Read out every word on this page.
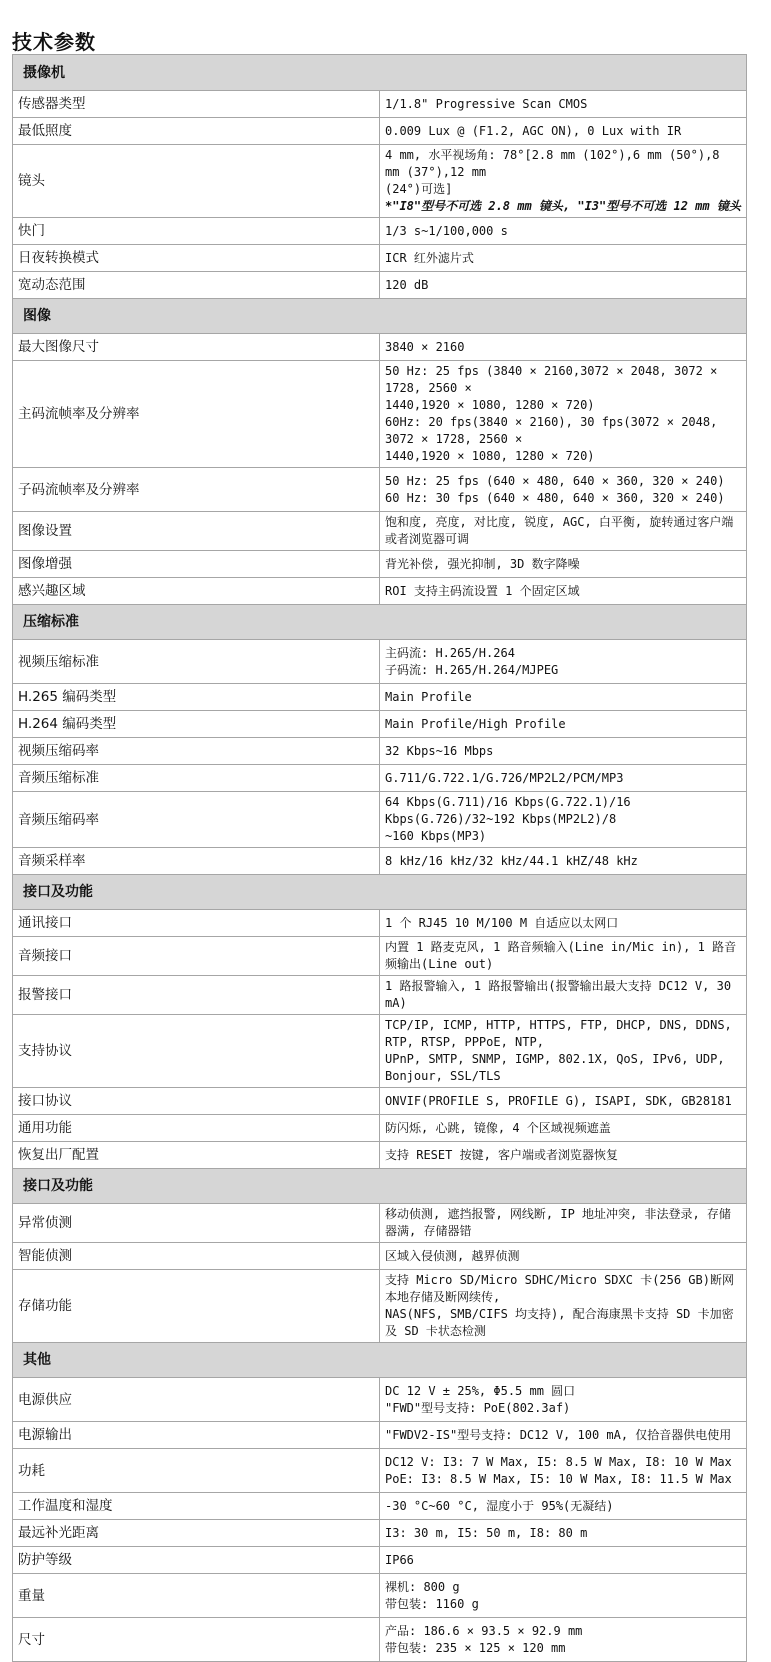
技术参数
摄像机	
传感器类型	1/1.8" Progressive Scan CMOS
最低照度	0.009 Lux @ (F1.2, AGC ON), 0 Lux with IR
镜头	4 mm, 水平视场角: 78°[2.8 mm (102°),6 mm (50°),8 mm (37°),12 mm
(24°)可选]
*"I8"型号不可选 2.8 mm 镜头, "I3"型号不可选 12 mm 镜头
快门	1/3 s~1/100,000 s
日夜转换模式	ICR 红外滤片式
宽动态范围	120 dB
图像	
最大图像尺寸	3840 × 2160
主码流帧率及分辨率	50 Hz: 25 fps (3840 × 2160,3072 × 2048, 3072 × 1728, 2560 ×
1440,1920 × 1080, 1280 × 720)
60Hz: 20 fps(3840 × 2160), 30 fps(3072 × 2048, 3072 × 1728, 2560 ×
1440,1920 × 1080, 1280 × 720)
子码流帧率及分辨率	50 Hz: 25 fps (640 × 480, 640 × 360, 320 × 240)
60 Hz: 30 fps (640 × 480, 640 × 360, 320 × 240)
图像设置	饱和度, 亮度, 对比度, 锐度, AGC, 白平衡, 旋转通过客户端或者浏览器可调
图像增强	背光补偿, 强光抑制, 3D 数字降噪
感兴趣区域	ROI 支持主码流设置 1 个固定区域
压缩标准	
视频压缩标准	主码流: H.265/H.264
子码流: H.265/H.264/MJPEG
H.265 编码类型	Main Profile
H.264 编码类型	Main Profile/High Profile
视频压缩码率	32 Kbps~16 Mbps
音频压缩标准	G.711/G.722.1/G.726/MP2L2/PCM/MP3
音频压缩码率	64 Kbps(G.711)/16 Kbps(G.722.1)/16 Kbps(G.726)/32~192 Kbps(MP2L2)/8
~160 Kbps(MP3)
音频采样率	8 kHz/16 kHz/32 kHz/44.1 kHZ/48 kHz
接口及功能	
通讯接口	1 个 RJ45 10 M/100 M 自适应以太网口
音频接口	内置 1 路麦克风, 1 路音频输入(Line in/Mic in), 1 路音频输出(Line out)
报警接口	1 路报警输入, 1 路报警输出(报警输出最大支持 DC12 V, 30 mA)
支持协议	TCP/IP, ICMP, HTTP, HTTPS, FTP, DHCP, DNS, DDNS, RTP, RTSP, PPPoE, NTP,
UPnP, SMTP, SNMP, IGMP, 802.1X, QoS, IPv6, UDP, Bonjour, SSL/TLS
接口协议	ONVIF(PROFILE S, PROFILE G), ISAPI, SDK, GB28181
通用功能	防闪烁, 心跳, 镜像, 4 个区域视频遮盖
恢复出厂配置	支持 RESET 按键, 客户端或者浏览器恢复
接口及功能	
异常侦测	移动侦测, 遮挡报警, 网线断, IP 地址冲突, 非法登录, 存储器满, 存储器错
智能侦测	区域入侵侦测, 越界侦测
存储功能	支持 Micro SD/Micro SDHC/Micro SDXC 卡(256 GB)断网本地存储及断网续传,
NAS(NFS, SMB/CIFS 均支持), 配合海康黑卡支持 SD 卡加密及 SD 卡状态检测
其他	
电源供应	DC 12 V ± 25%, Φ5.5 mm 圆口
"FWD"型号支持: PoE(802.3af)
电源输出	"FWDV2-IS"型号支持: DC12 V, 100 mA, 仅拾音器供电使用
功耗	DC12 V: I3: 7 W Max, I5: 8.5 W Max, I8: 10 W Max
PoE: I3: 8.5 W Max, I5: 10 W Max, I8: 11.5 W Max
工作温度和湿度	-30 °C~60 °C, 湿度小于 95%(无凝结)
最远补光距离	I3: 30 m, I5: 50 m, I8: 80 m
防护等级	IP66
重量	裸机: 800 g
带包装: 1160 g
尺寸	产品: 186.6 × 93.5 × 92.9 mm
带包装: 235 × 125 × 120 mm
